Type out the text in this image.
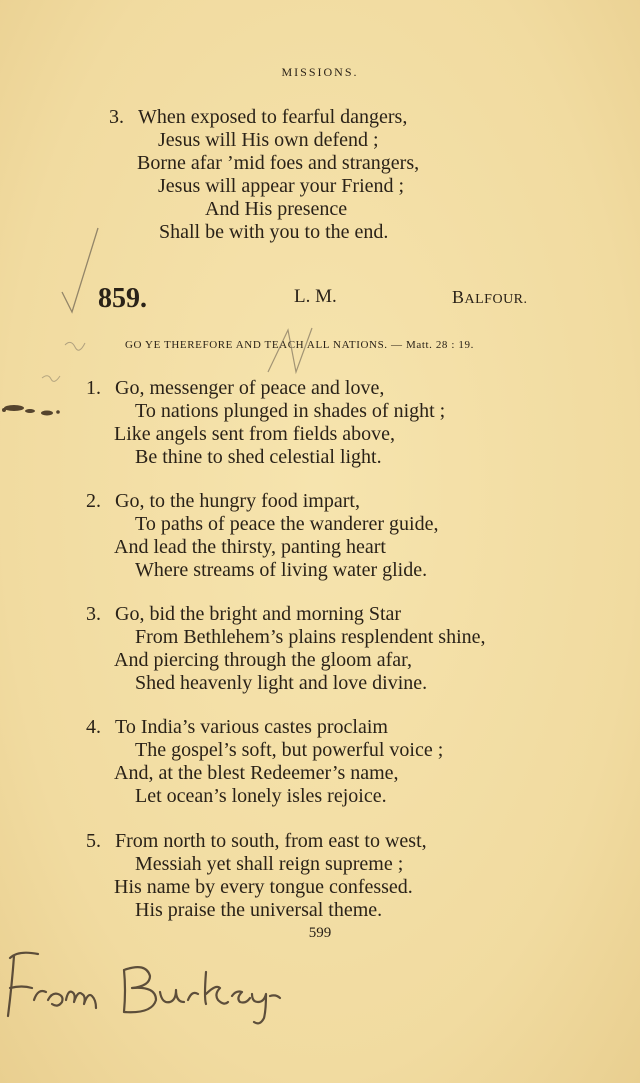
MISSIONS.
3. When exposed to fearful dangers,
Jesus will His own defend ;
Borne afar ’mid foes and strangers,
Jesus will appear your Friend ;
And His presence
Shall be with you to the end.
859.	L. M.	BALFOUR.
GO YE THEREFORE AND TEACH ALL NATIONS. — Matt. 28 : 19.
1. Go, messenger of peace and love,
To nations plunged in shades of night ;
Like angels sent from fields above,
Be thine to shed celestial light.
2. Go, to the hungry food impart,
To paths of peace the wanderer guide,
And lead the thirsty, panting heart
Where streams of living water glide.
3. Go, bid the bright and morning Star
From Bethlehem’s plains resplendent shine,
And piercing through the gloom afar,
Shed heavenly light and love divine.
4. To India’s various castes proclaim
The gospel’s soft, but powerful voice ;
And, at the blest Redeemer’s name,
Let ocean’s lonely isles rejoice.
5. From north to south, from east to west,
Messiah yet shall reign supreme ;
His name by every tongue confessed.
His praise the universal theme.
599
